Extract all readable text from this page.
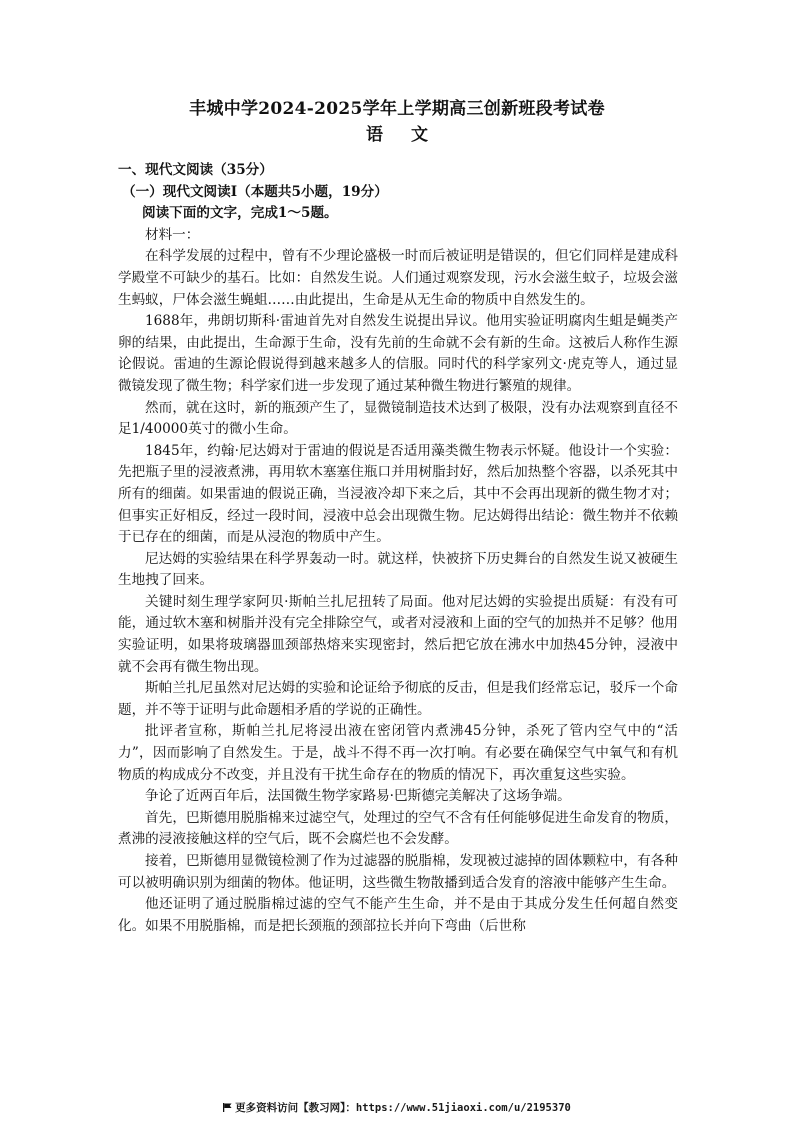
丰城中学2024-2025学年上学期高三创新班段考试卷
语文
一、现代文阅读（35分）
（一）现代文阅读Ⅰ（本题共5小题，19分）
阅读下面的文字，完成1～5题。
材料一：

在科学发展的过程中，曾有不少理论盛极一时而后被证明是错误的，但它们同样是建成科学殿堂不可缺少的基石。比如：自然发生说。人们通过观察发现，污水会滋生蚊子，垃圾会滋生蚂蚁，尸体会滋生蝇蛆……由此提出，生命是从无生命的物质中自然发生的。

1688年，弗朗切斯科·雷迪首先对自然发生说提出异议。他用实验证明腐肉生蛆是蝇类产卵的结果，由此提出，生命源于生命，没有先前的生命就不会有新的生命。这被后人称作生源论假说。雷迪的生源论假说得到越来越多人的信服。同时代的科学家列文·虎克等人，通过显微镜发现了微生物；科学家们进一步发现了通过某种微生物进行繁殖的规律。

然而，就在这时，新的瓶颈产生了，显微镜制造技术达到了极限，没有办法观察到直径不足1/40000英寸的微小生命。

1845年，约翰·尼达姆对于雷迪的假说是否适用藻类微生物表示怀疑。他设计一个实验：先把瓶子里的浸液煮沸，再用软木塞塞住瓶口并用树脂封好，然后加热整个容器，以杀死其中所有的细菌。如果雷迪的假说正确，当浸液冷却下来之后，其中不会再出现新的微生物才对；但事实正好相反，经过一段时间，浸液中总会出现微生物。尼达姆得出结论：微生物并不依赖于已存在的细菌，而是从浸泡的物质中产生。

尼达姆的实验结果在科学界轰动一时。就这样，快被挤下历史舞台的自然发生说又被硬生生地拽了回来。

关键时刻生理学家阿贝·斯帕兰扎尼扭转了局面。他对尼达姆的实验提出质疑：有没有可能，通过软木塞和树脂并没有完全排除空气，或者对浸液和上面的空气的加热并不足够？他用实验证明，如果将玻璃器皿颈部热熔来实现密封，然后把它放在沸水中加热45分钟，浸液中就不会再有微生物出现。

斯帕兰扎尼虽然对尼达姆的实验和论证给予彻底的反击，但是我们经常忘记，驳斥一个命题，并不等于证明与此命题相矛盾的学说的正确性。

批评者宣称，斯帕兰扎尼将浸出液在密闭管内煮沸45分钟，杀死了管内空气中的“活力”，因而影响了自然发生。于是，战斗不得不再一次打响。有必要在确保空气中氧气和有机物质的构成成分不改变，并且没有干扰生命存在的物质的情况下，再次重复这些实验。

争论了近两百年后，法国微生物学家路易·巴斯德完美解决了这场争端。

首先，巴斯德用脱脂棉来过滤空气，处理过的空气不含有任何能够促进生命发育的物质，煮沸的浸液接触这样的空气后，既不会腐烂也不会发酵。

接着，巴斯德用显微镜检测了作为过滤器的脱脂棉，发现被过滤掉的固体颗粒中，有各种可以被明确识别为细菌的物体。他证明，这些微生物散播到适合发育的溶液中能够产生生命。

他还证明了通过脱脂棉过滤的空气不能产生生命，并不是由于其成分发生任何超自然变化。如果不用脱脂棉，而是把长颈瓶的颈部拉长并向下弯曲（后世称

更多资料访问【教习网】：https://www.51jiaoxi.com/u/2195370
